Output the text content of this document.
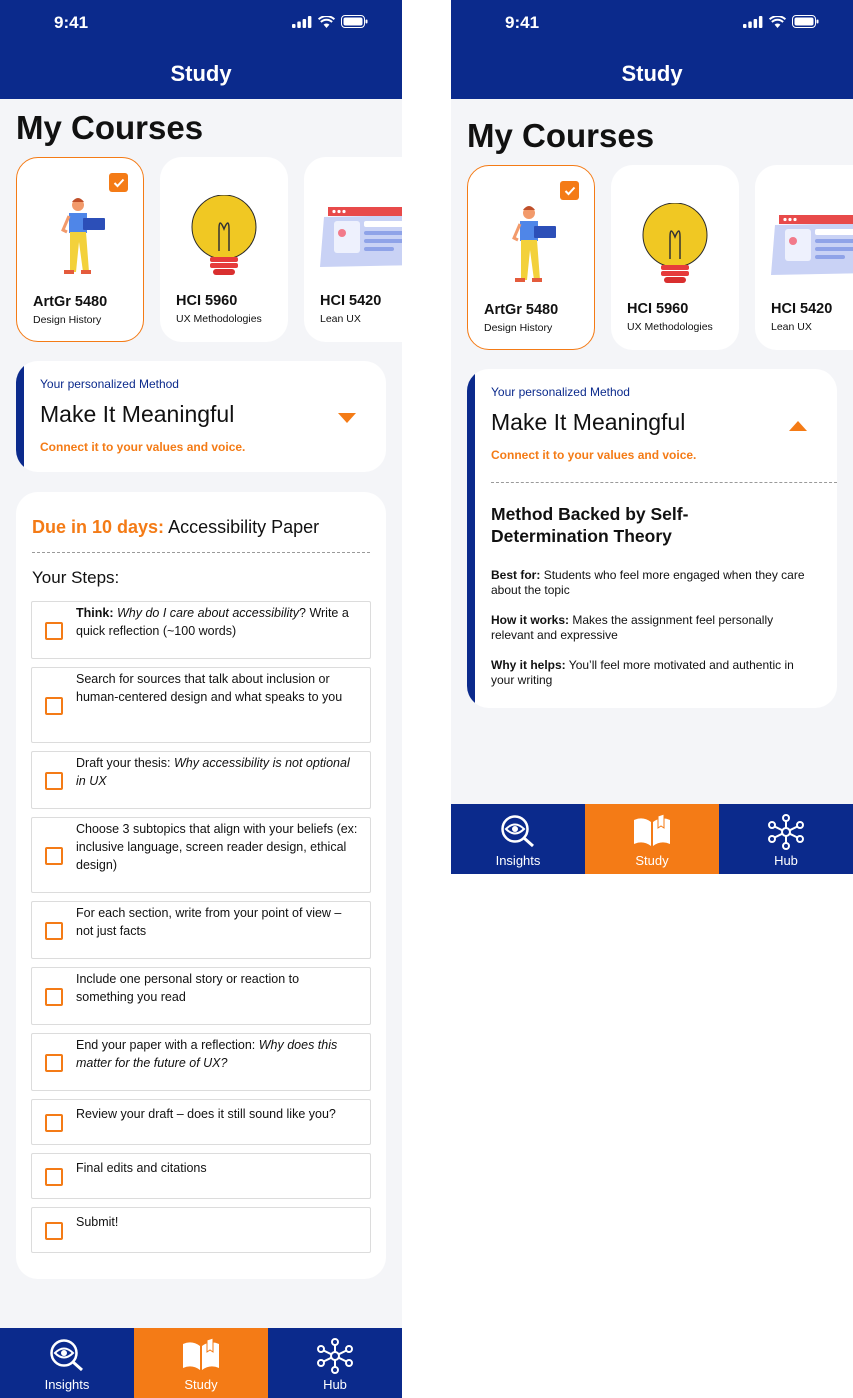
9:41
Study
My Courses
ArtGr 5480
Design History
HCI 5960
UX Methodologies
HCI 5420
Lean UX
Your personalized Method
Make It Meaningful
Connect it to your values and voice.
Due in 10 days: Accessibility Paper
Your Steps:
Think: Why do I care about accessibility? Write a quick reflection (~100 words)
Search for sources that talk about inclusion or human-centered design and what speaks to you
Draft your thesis: Why accessibility is not optional in UX
Choose 3 subtopics that align with your beliefs (ex: inclusive language, screen reader design, ethical design)
For each section, write from your point of view – not just facts
Include one personal story or reaction to something you read
End your paper with a reflection: Why does this matter for the future of UX?
Review your draft – does it still sound like you?
Final edits and citations
Submit!
Insights	Study	Hub
9:41
Study
My Courses
ArtGr 5480
Design History
HCI 5960
UX Methodologies
HCI 5420
Lean UX
Your personalized Method
Make It Meaningful
Connect it to your values and voice.
Method Backed by Self-Determination Theory
Best for: Students who feel more engaged when they care about the topic
How it works: Makes the assignment feel personally relevant and expressive
Why it helps: You’ll feel more motivated and authentic in your writing
Insights	Study	Hub
